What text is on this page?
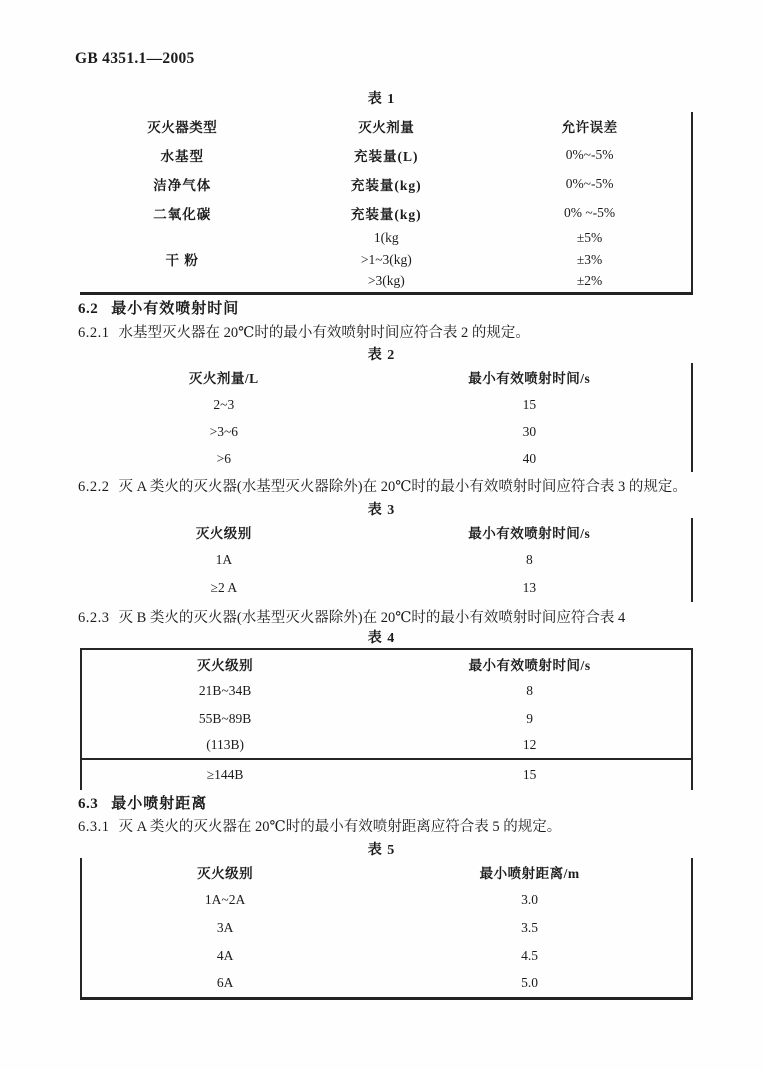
GB 4351.1—2005
表 1
灭火器类型	灭火剂量	允许误差
水基型	充装量(L)	0%~-5%
洁净气体	充装量(kg)	0%~-5%
二氧化碳	充装量(kg)	0% ~-5%
干 粉	1(kg	±5%
	>1~3(kg)	±3%
	>3(kg)	±2%
6.2 最小有效喷射时间
6.2.1 水基型灭火器在 20℃时的最小有效喷射时间应符合表 2 的规定。
表 2
灭火剂量/L	最小有效喷射时间/s
2~3	15
>3~6	30
>6	40
6.2.2 灭 A 类火的灭火器(水基型灭火器除外)在 20℃时的最小有效喷射时间应符合表 3 的规定。
表 3
灭火级别	最小有效喷射时间/s
1A	8
≥2 A	13
6.2.3 灭 B 类火的灭火器(水基型灭火器除外)在 20℃时的最小有效喷射时间应符合表 4
表 4
灭火级别	最小有效喷射时间/s
21B~34B	8
55B~89B	9
(113B)	12
≥144B	15
6.3 最小喷射距离
6.3.1 灭 A 类火的灭火器在 20℃时的最小有效喷射距离应符合表 5 的规定。
表 5
灭火级别	最小喷射距离/m
1A~2A	3.0
3A	3.5
4A	4.5
6A	5.0
